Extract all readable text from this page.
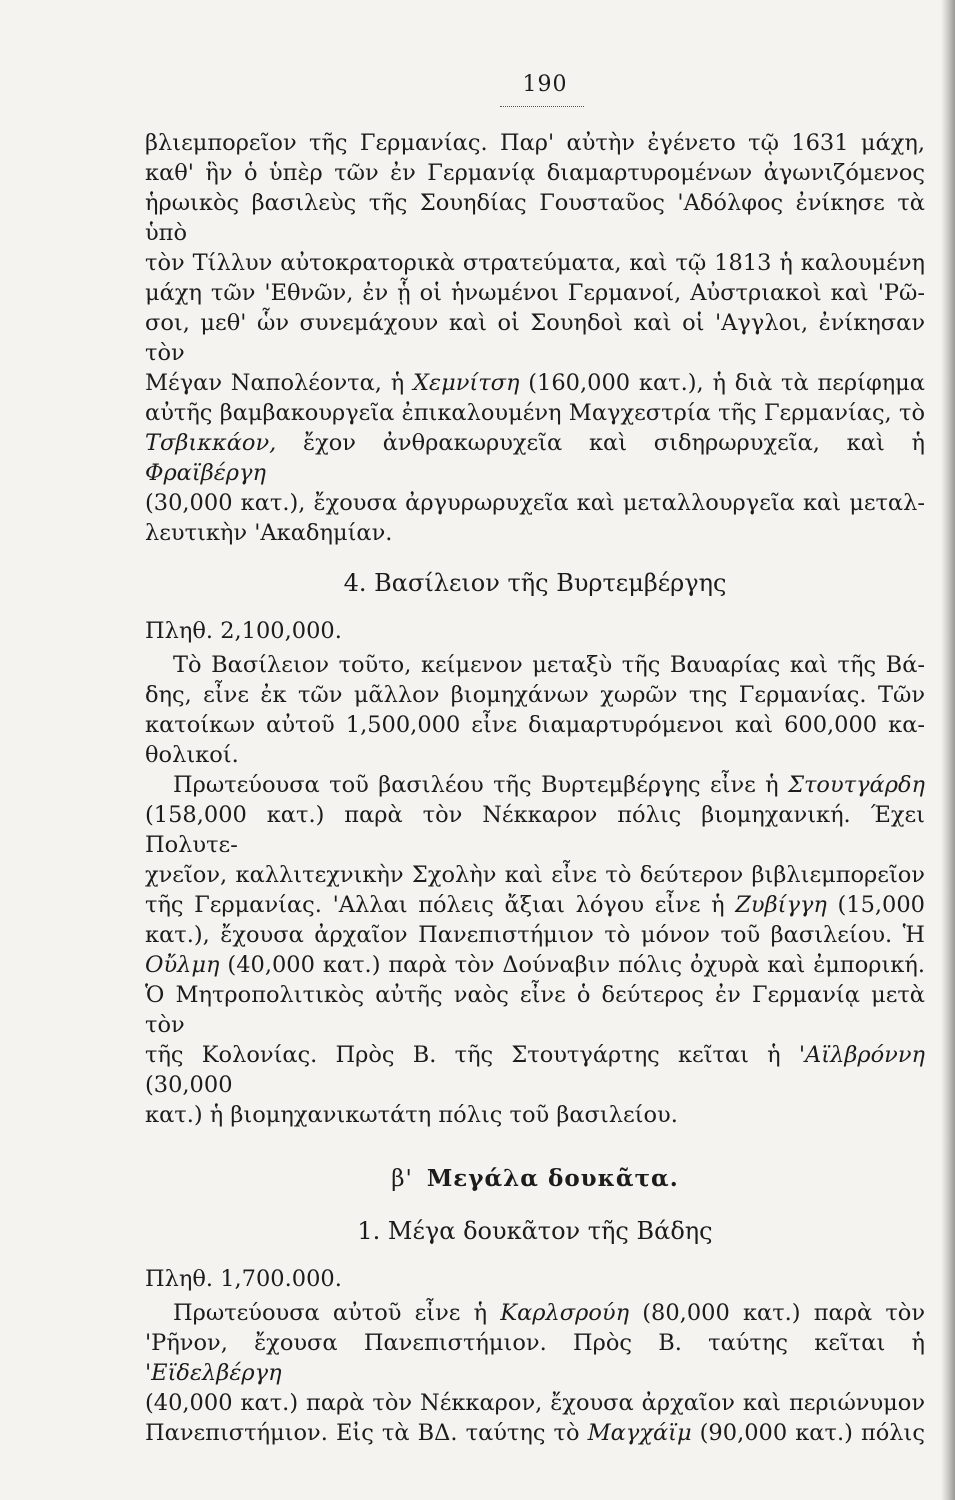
190

βλιεμπορεῖον τῆς Γερμανίας. Παρ' αὐτὴν ἐγένετο τῷ 1631 μάχη,

καθ' ἣν ὁ ὑπὲρ τῶν ἐν Γερμανίᾳ διαμαρτυρομένων ἀγωνιζόμενος

ἡρωικὸς βασιλεὺς τῆς Σουηδίας Γουσταῦος 'Αδόλφος ἐνίκησε τὰ ὑπὸ

τὸν Τίλλυν αὐτοκρατορικὰ στρατεύματα, καὶ τῷ 1813 ἡ καλουμένη

μάχη τῶν 'Εθνῶν, ἐν ᾗ οἱ ἡνωμένοι Γερμανοί, Αὐστριακοὶ καὶ 'Ρῶ-

σοι, μεθ' ὧν συνεμάχουν καὶ οἱ Σουηδοὶ καὶ οἱ 'Αγγλοι, ἐνίκησαν τὸν

Μέγαν Ναπολέοντα, ἡ Χεμνίτση (160,000 κατ.), ἡ διὰ τὰ περίφημα

αὐτῆς βαμβακουργεῖα ἐπικαλουμένη Μαγχεστρία τῆς Γερμανίας, τὸ

Τσβικκάον, ἔχον ἀνθρακωρυχεῖα καὶ σιδηρωρυχεῖα, καὶ ἡ Φραϊβέργη

(30,000 κατ.), ἔχουσα ἀργυρωρυχεῖα καὶ μεταλλουργεῖα καὶ μεταλ-

λευτικὴν 'Ακαδημίαν.

4. Βασίλειον τῆς Βυρτεμβέργης

Πληθ. 2,100,000.

Τὸ Βασίλειον τοῦτο, κείμενον μεταξὺ τῆς Βαυαρίας καὶ τῆς Βά-

δης, εἶνε ἐκ τῶν μᾶλλον βιομηχάνων χωρῶν της Γερμανίας. Τῶν

κατοίκων αὐτοῦ 1,500,000 εἶνε διαμαρτυρόμενοι καὶ 600,000 κα-

θολικοί.

Πρωτεύουσα τοῦ βασιλέου τῆς Βυρτεμβέργης εἶνε ἡ Στουτγάρδη

(158,000 κατ.) παρὰ τὸν Νέκκαρον πόλις βιομηχανική. Έχει Πολυτε-

χνεῖον, καλλιτεχνικὴν Σχολὴν καὶ εἶνε τὸ δεύτερον βιβλιεμπορεῖον

τῆς Γερμανίας. 'Αλλαι πόλεις ἄξιαι λόγου εἶνε ἡ Ζυβίγγη (15,000

κατ.), ἔχουσα ἀρχαῖον Πανεπιστήμιον τὸ μόνον τοῦ βασιλείου. Ἡ

Οὔλμη (40,000 κατ.) παρὰ τὸν Δούναβιν πόλις ὀχυρὰ καὶ ἐμπορική.

Ὁ Μητροπολιτικὸς αὐτῆς ναὸς εἶνε ὁ δεύτερος ἐν Γερμανίᾳ μετὰ τὸν

τῆς Κολονίας. Πρὸς Β. τῆς Στουτγάρτης κεῖται ἡ 'Αϊλβρόννη (30,000

κατ.) ἡ βιομηχανικωτάτη πόλις τοῦ βασιλείου.

β' Μεγάλα δουκᾶτα.

1. Μέγα δουκᾶτον τῆς Βάδης

Πληθ. 1,700.000.

Πρωτεύουσα αὐτοῦ εἶνε ἡ Καρλσρούη (80,000 κατ.) παρὰ τὸν

'Ρῆνον, ἔχουσα Πανεπιστήμιον. Πρὸς Β. ταύτης κεῖται ἡ 'Εϊδελβέργη

(40,000 κατ.) παρὰ τὸν Νέκκαρον, ἔχουσα ἀρχαῖον καὶ περιώνυμον

Πανεπιστήμιον. Εἰς τὰ ΒΔ. ταύτης τὸ Μαγχάϊμ (90,000 κατ.) πόλις
